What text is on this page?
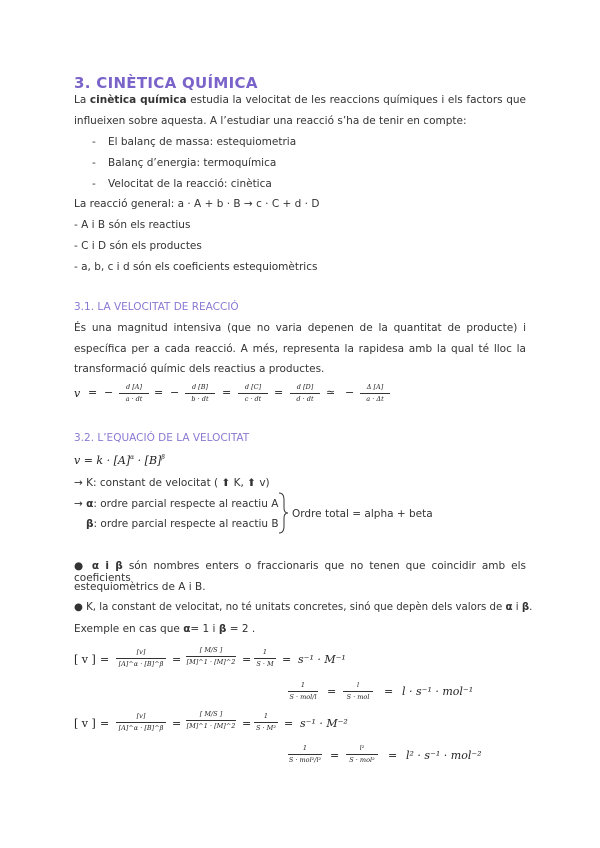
3. CINÈTICA QUÍMICA
La cinètica química estudia la velocitat de les reaccions químiques i els factors que
influeixen sobre aquesta. A l’estudiar una reacció s’ha de tenir en compte:
- El balanç de massa: estequiometria
- Balanç d’energia: termoquímica
- Velocitat de la reacció: cinètica
La reacció general: a · A + b · B → c · C + d · D
- A i B són els reactius
- C i D són els productes
- a, b, c i d són els coeficients estequiomètrics
3.1. LA VELOCITAT DE REACCIÓ
És una magnitud intensiva (que no varia depenen de la quantitat de producte) i
específica per a cada reacció. A més, representa la rapidesa amb la qual té lloc la
transformació químic dels reactius a productes.
v = − $\frac{d [A]}{a \cdot dt}$ = − $\frac{d [B]}{b \cdot dt} = \frac{d [C]}{c \cdot dt} = \frac{d [D]}{d \cdot dt}$ ≃ − $\frac{\Delta [A]}{a \cdot \Delta t}$
3.2. L’EQUACIÓ DE LA VELOCITAT
$v = k \cdot [A]^\alpha \cdot [B]^\beta$
→ K: constant de velocitat ( ⬆ K, ⬆ v)
→ α: ordre parcial respecte al reactiu A
β: ordre parcial respecte al reactiu B
Ordre total = alpha + beta
● α i β són nombres enters o fraccionaris que no tenen que coincidir amb els coeficients
estequiomètrics de A i B.
● K, la constant de velocitat, no té unitats concretes, sinó que depèn dels valors de α i β.
Exemple en cas que α= 1 i β = 2 .
[ v ] = $\frac{[v]}{[A]\^{}\alpha \cdot [B]\^{}\beta} = \frac{[ M/S ]}{[M]\^{}1 \cdot [M]\^{}2} = \frac{1}{S \cdot M} = s^{-1} \cdot M^{-1}$
1
S · mol/l =	l
S · mol	= l · s⁻¹ · mol⁻¹
[ v ] = $\frac{[v]}{[A]\^{}\alpha \cdot [B]\^{}\beta} = \frac{[ M/S ]}{[M]\^{}1 \cdot [M]\^{}2} = \frac{1}{\text{S · M²}} = s^{-1} \cdot M^{-2}$
1
S · mol²/l² =
l²
S · mol² = l² · s⁻¹ · mol⁻²
